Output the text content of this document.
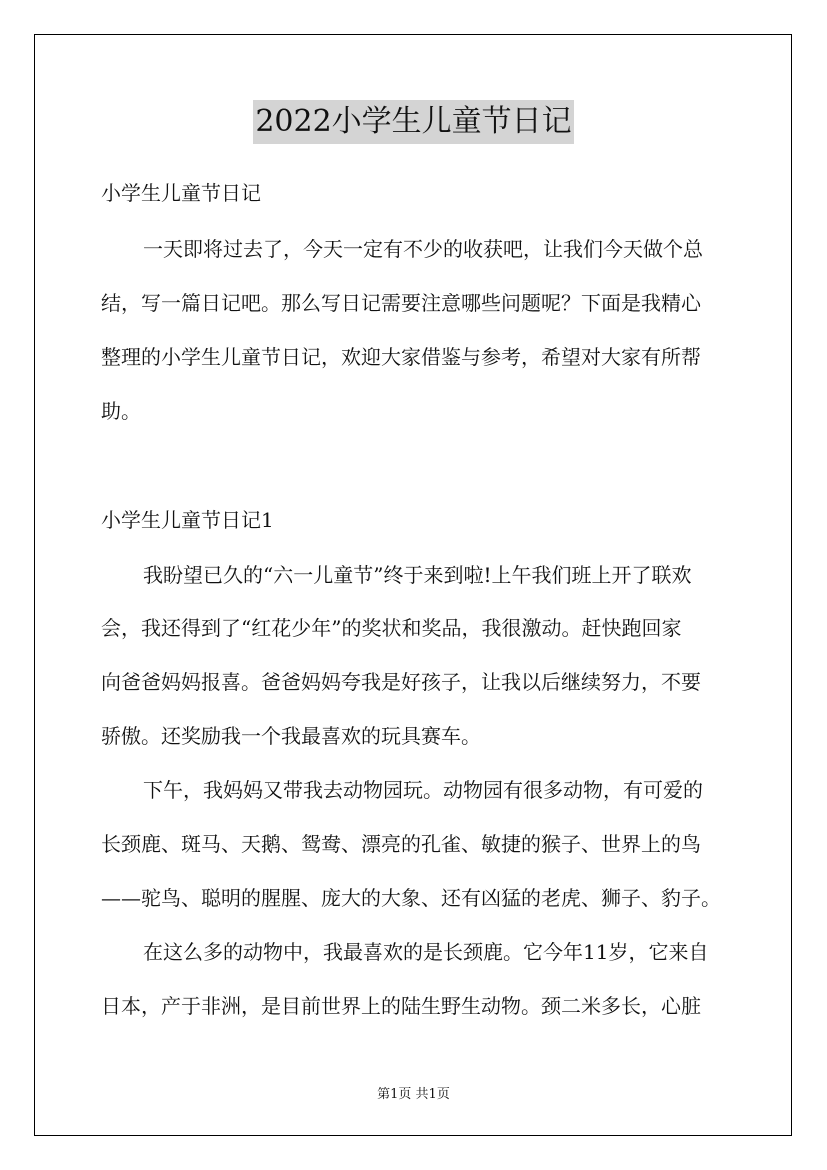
2022小学生儿童节日记
小学生儿童节日记
一天即将过去了，今天一定有不少的收获吧，让我们今天做个总
结，写一篇日记吧。那么写日记需要注意哪些问题呢？下面是我精心
整理的小学生儿童节日记，欢迎大家借鉴与参考，希望对大家有所帮
助。
小学生儿童节日记1
我盼望已久的“六一儿童节”终于来到啦!上午我们班上开了联欢
会，我还得到了“红花少年”的奖状和奖品，我很激动。赶快跑回家
向爸爸妈妈报喜。爸爸妈妈夸我是好孩子，让我以后继续努力，不要
骄傲。还奖励我一个我最喜欢的玩具赛车。
下午，我妈妈又带我去动物园玩。动物园有很多动物，有可爱的
长颈鹿、斑马、天鹅、鸳鸯、漂亮的孔雀、敏捷的猴子、世界上的鸟
——驼鸟、聪明的腥腥、庞大的大象、还有凶猛的老虎、狮子、豹子。
在这么多的动物中，我最喜欢的是长颈鹿。它今年11岁，它来自
日本，产于非洲，是目前世界上的陆生野生动物。颈二米多长，心脏
第1页 共1页
